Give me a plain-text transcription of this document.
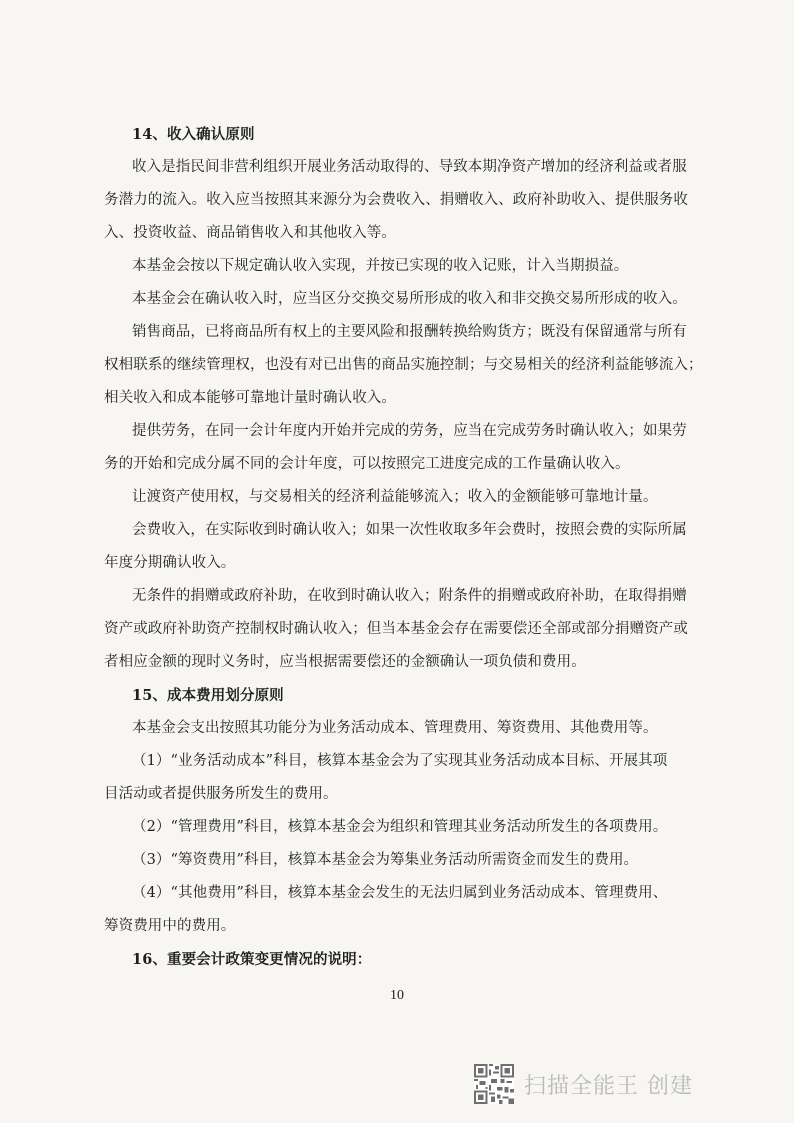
14、收入确认原则
收入是指民间非营利组织开展业务活动取得的、导致本期净资产增加的经济利益或者服
务潜力的流入。收入应当按照其来源分为会费收入、捐赠收入、政府补助收入、提供服务收
入、投资收益、商品销售收入和其他收入等。
本基金会按以下规定确认收入实现，并按已实现的收入记账，计入当期损益。
本基金会在确认收入时，应当区分交换交易所形成的收入和非交换交易所形成的收入。
销售商品，已将商品所有权上的主要风险和报酬转换给购货方；既没有保留通常与所有
权相联系的继续管理权，也没有对已出售的商品实施控制；与交易相关的经济利益能够流入；
相关收入和成本能够可靠地计量时确认收入。
提供劳务，在同一会计年度内开始并完成的劳务，应当在完成劳务时确认收入；如果劳
务的开始和完成分属不同的会计年度，可以按照完工进度完成的工作量确认收入。
让渡资产使用权，与交易相关的经济利益能够流入；收入的金额能够可靠地计量。
会费收入，在实际收到时确认收入；如果一次性收取多年会费时，按照会费的实际所属
年度分期确认收入。
无条件的捐赠或政府补助，在收到时确认收入；附条件的捐赠或政府补助，在取得捐赠
资产或政府补助资产控制权时确认收入；但当本基金会存在需要偿还全部或部分捐赠资产或
者相应金额的现时义务时，应当根据需要偿还的金额确认一项负债和费用。
15、成本费用划分原则
本基金会支出按照其功能分为业务活动成本、管理费用、筹资费用、其他费用等。
（1）“业务活动成本”科目，核算本基金会为了实现其业务活动成本目标、开展其项
目活动或者提供服务所发生的费用。
（2）“管理费用”科目，核算本基金会为组织和管理其业务活动所发生的各项费用。
（3）“筹资费用”科目，核算本基金会为筹集业务活动所需资金而发生的费用。
（4）“其他费用”科目，核算本基金会发生的无法归属到业务活动成本、管理费用、
筹资费用中的费用。
16、重要会计政策变更情况的说明：
10
扫描全能王 创建
